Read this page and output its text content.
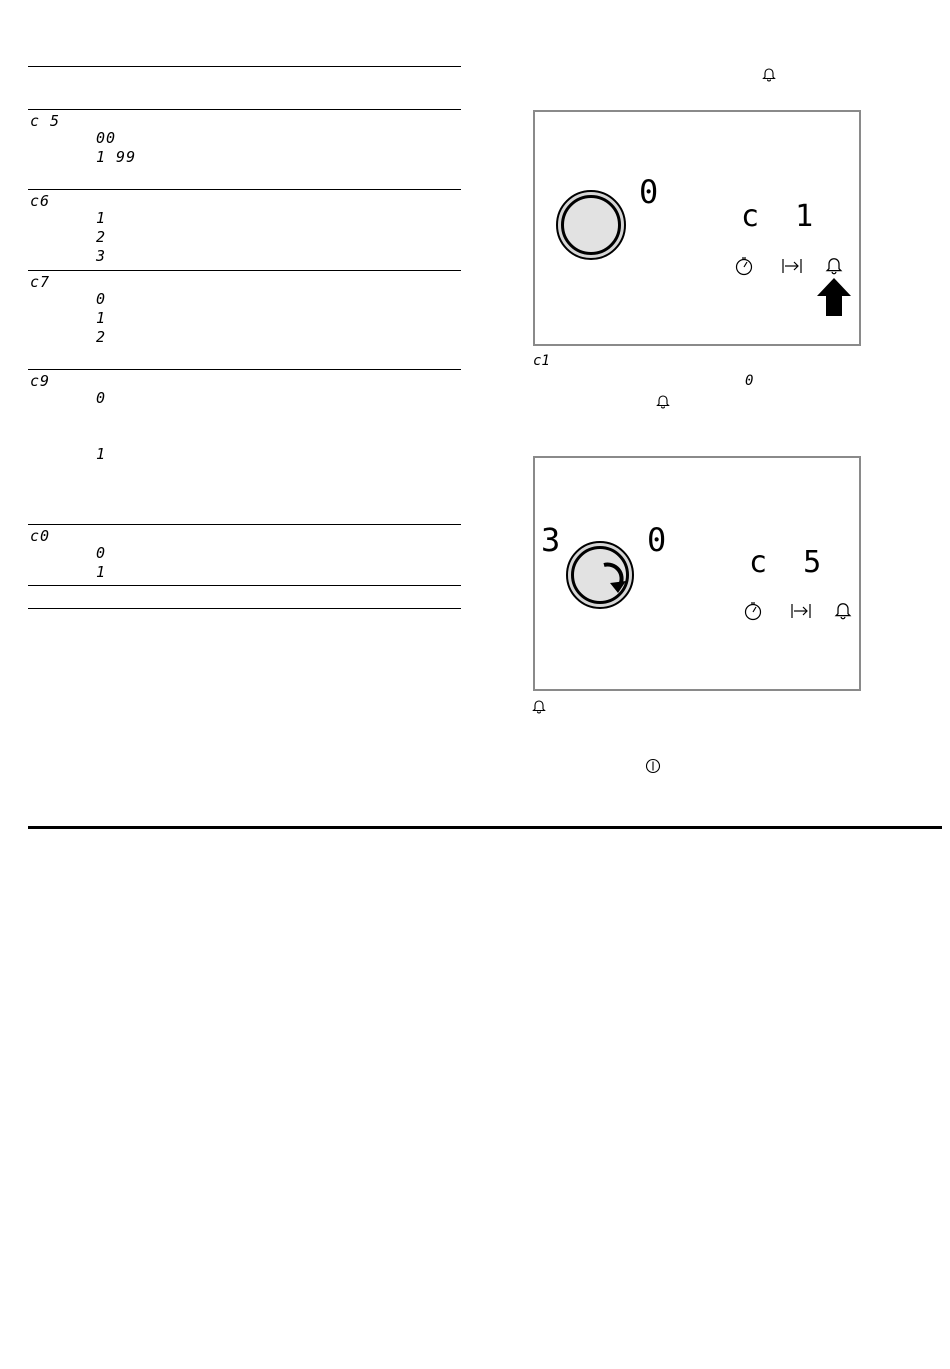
c 5
00
1 99
c6
1
2
3
c7
0
1
2
c9
0
1
c0
0
1
0
c  1
c1
0
3	0
c  5
